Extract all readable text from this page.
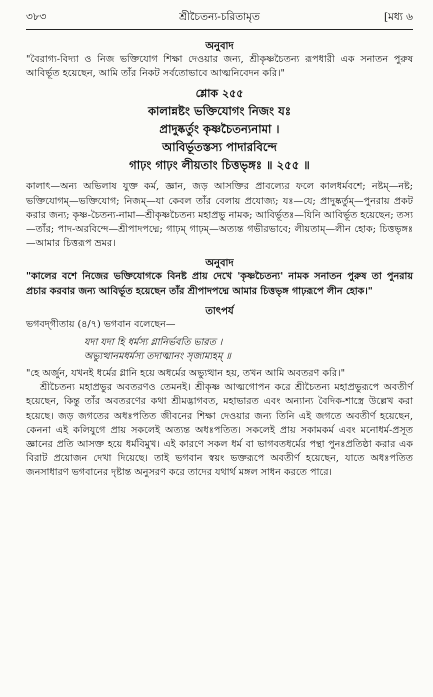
৩৮৩	শ্রীচৈতন্য-চরিতামৃত	[মধ্য ৬
অনুবাদ

"বৈরাগ্য-বিদ্যা ও নিজ ভক্তিযোগ শিক্ষা দেওয়ার জন্য, শ্রীকৃষ্ণচৈতন্য রূপধারী এক সনাতন পুরুষ আবির্ভূত হয়েছেন, আমি তাঁর নিকট সর্বতোভাবে আত্মনিবেদন করি।"

শ্লোক ২৫৫
কালান্নষ্টং ভক্তিযোগং নিজং যঃ
প্রাদুষ্কর্তুং কৃষ্ণচৈতন্যনামা ।
আবির্ভূতস্তস্য পাদারবিন্দে
গাঢ়ং গাঢ়ং লীয়তাং চিত্তভৃঙ্গঃ ॥ ২৫৫ ॥

কালাৎ—অন্য অভিলাষ যুক্ত কর্ম, জ্ঞান, জড় আসক্তির প্রাবল্যের ফলে কালধর্মবশে; নষ্টম্—নষ্ট; ভক্তিযোগম্—ভক্তিযোগ; নিজম্—যা কেবল তাঁর বেলায় প্রযোজ্য; যঃ—যে; প্রাদুষ্কর্তুম্—পুনরায় প্রকট করার জন্য; কৃষ্ণ-চৈতন্য-নামা—শ্রীকৃষ্ণচৈতন্য মহাপ্রভু নামক; আবির্ভূতঃ—যিনি আবির্ভূত হয়েছেন; তস্য—তাঁর; পাদ-অরবিন্দে—শ্রীপাদপদ্মে; গাঢ়ম্ গাঢ়ম্—অত্যন্ত গভীরভাবে; লীয়তাম্—লীন হোক; চিত্তভৃঙ্গঃ—আমার চিত্তরূপ ভ্রমর।

অনুবাদ

"কালের বশে নিজের ভক্তিযোগকে বিনষ্ট প্রায় দেখে 'কৃষ্ণচৈতন্য' নামক সনাতন পুরুষ তা পুনরায় প্রচার করবার জন্য আবির্ভূত হয়েছেন তাঁর শ্রীপাদপদ্মে আমার চিত্তভৃঙ্গ গাঢ়রূপে লীন হোক।"

তাৎপর্য

ভগবদ্‌গীতায় (৪/৭) ভগবান বলেছেন—

যদা যদা হি ধর্মস্য গ্লানির্ভবতি ভারত ।
অভ্যুত্থানমধর্মস্য তদাত্মানং সৃজাম্যহম্ ॥

"হে অর্জুন, যখনই ধর্মের গ্লানি হয়ে অধর্মের অভ্যুত্থান হয়, তখন আমি অবতরণ করি।"

শ্রীচৈতন্য মহাপ্রভুর অবতরণও তেমনই। শ্রীকৃষ্ণ আত্মগোপন করে শ্রীচৈতন্য মহাপ্রভুরূপে অবতীর্ণ হয়েছেন, কিন্তু তাঁর অবতরণের কথা শ্রীমদ্ভাগবত, মহাভারত এবং অন্যান্য বৈদিক-শাস্ত্রে উল্লেখ করা হয়েছে। জড় জগতের অধঃপতিত জীবনের শিক্ষা দেওয়ার জন্য তিনি এই জগতে অবতীর্ণ হয়েছেন, কেননা এই কলিযুগে প্রায় সকলেই অত্যন্ত অধঃপতিত। সকলেই প্রায় সকামকর্ম এবং মনোধর্ম-প্রসূত জ্ঞানের প্রতি আসক্ত হয়ে ধর্মবিমুখ। এই কারণে সকল ধর্ম বা ভাগবতধর্মের পন্থা পুনঃপ্রতিষ্ঠা করার এক বিরাট প্রয়োজন দেখা দিয়েছে। তাই ভগবান স্বয়ং ভক্তরূপে অবতীর্ণ হয়েছেন, যাতে অধঃপতিত জনসাধারণ ভগবানের দৃষ্টান্ত অনুসরণ করে তাদের যথার্থ মঙ্গল সাধন করতে পারে।
